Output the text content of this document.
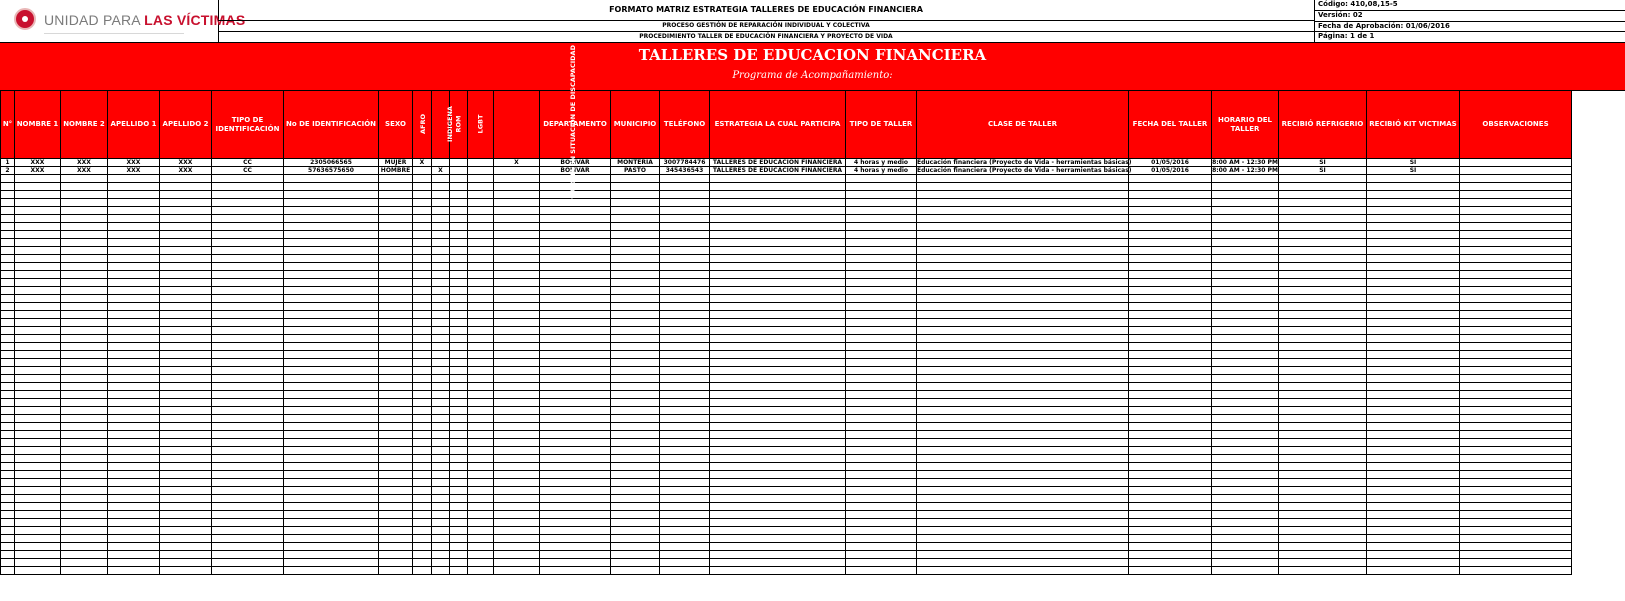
UNIDAD PARA LAS VÍCTIMAS
FORMATO MATRIZ ESTRATEGIA TALLERES DE EDUCACIÓN FINANCIERA
PROCESO GESTIÓN DE REPARACIÓN INDIVIDUAL Y COLECTIVA
PROCEDIMIENTO TALLER DE EDUCACIÓN FINANCIERA Y PROYECTO DE VIDA
Código: 410,08,15-5
Versión: 02
Fecha de Aprobación: 01/06/2016
Página: 1 de 1
TALLERES DE EDUCACION FINANCIERA
Programa de Acompañamiento:
N°	NOMBRE 1	NOMBRE 2	APELLIDO 1	APELLIDO 2	TIPO DE IDENTIFICACIÓN	No DE IDENTIFICACIÓN	SEXO	AFRO	INDIGENA	ROM	LGBT	PERSONA EN SITUACIÓN DE DISCAPACIDAD	DEPARTAMENTO	MUNICIPIO	TELÉFONO	ESTRATEGIA LA CUAL PARTICIPA	TIPO DE TALLER	CLASE DE TALLER	FECHA DEL TALLER	HORARIO DEL TALLER	RECIBIÓ REFRIGERIO	RECIBIÓ KIT VICTIMAS	OBSERVACIONES
1	XXX	XXX	XXX	XXX	CC	2305066565	MUJER	X				X	BOLIVAR	MONTERÍA	3007784476	TALLERES DE EDUCACION FINANCIERA	4 horas y medio	Educación financiera (Proyecto de Vida - herramientas básicas)	01/05/2016	8:00 AM - 12:30 PM	SI	SI	
2	XXX	XXX	XXX	XXX	CC	57636575650	HOMBRE		X				BOLIVAR	PASTO	345436543	TALLERES DE EDUCACION FINANCIERA	4 horas y medio	Educación financiera (Proyecto de Vida - herramientas básicas)	01/05/2016	8:00 AM - 12:30 PM	SI	SI	
